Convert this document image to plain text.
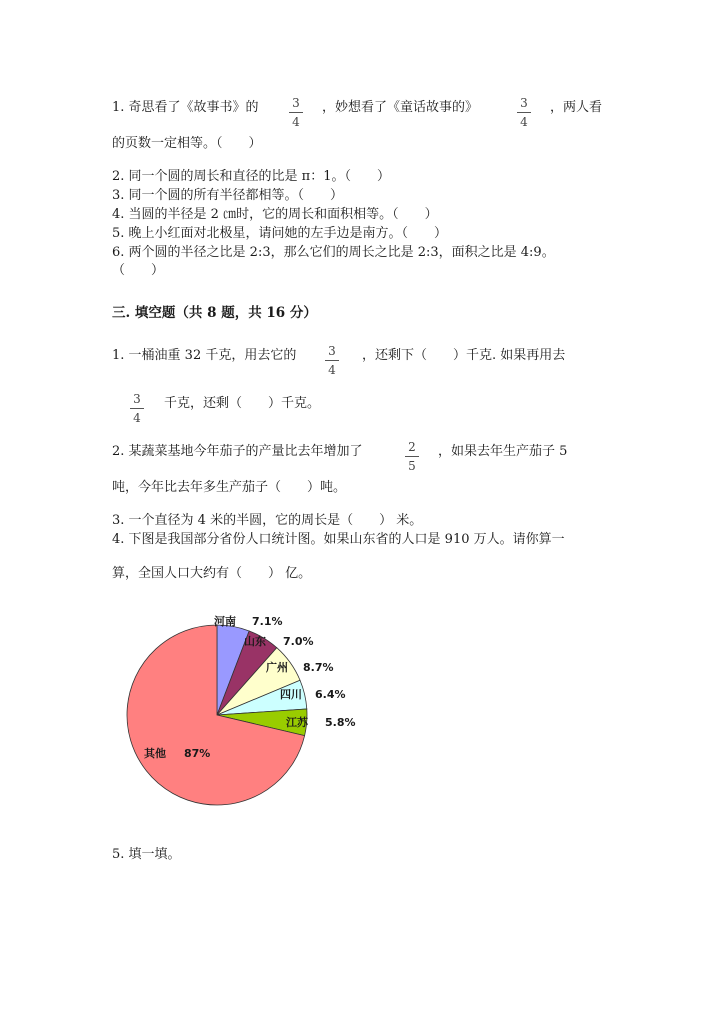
1. 奇思看了《故事书》的	3
4
，妙想看了《童话故事的》	3
4
，两人看
的页数一定相等。（　　）
2. 同一个圆的周长和直径的比是 π：1。（　　）
3. 同一个圆的所有半径都相等。（　　）
4. 当圆的半径是 2 ㎝时，它的周长和面积相等。（　　）
5. 晚上小红面对北极星，请问她的左手边是南方。（　　）
6. 两个圆的半径之比是 2:3，那么它们的周长之比是 2:3，面积之比是 4:9。
（　　）
三. 填空题（共 8 题，共 16 分）
1. 一桶油重 32 千克，用去它的	3
4
，还剩下（　　）千克. 如果再用去
3
4
千克，还剩（　　）千克。
2. 某蔬菜基地今年茄子的产量比去年增加了	2
5
，如果去年生产茄子 5
吨，今年比去年多生产茄子（　　）吨。
3. 一个直径为 4 米的半圆，它的周长是（　　） 米。
4. 下图是我国部分省份人口统计图。如果山东省的人口是 910 万人。请你算一
算，全国人口大约有（　　） 亿。
河南 7.1%
山东 7.0%
广州 8.7%
四川 6.4%
江苏 5.8%
其他 87%
5. 填一填。
